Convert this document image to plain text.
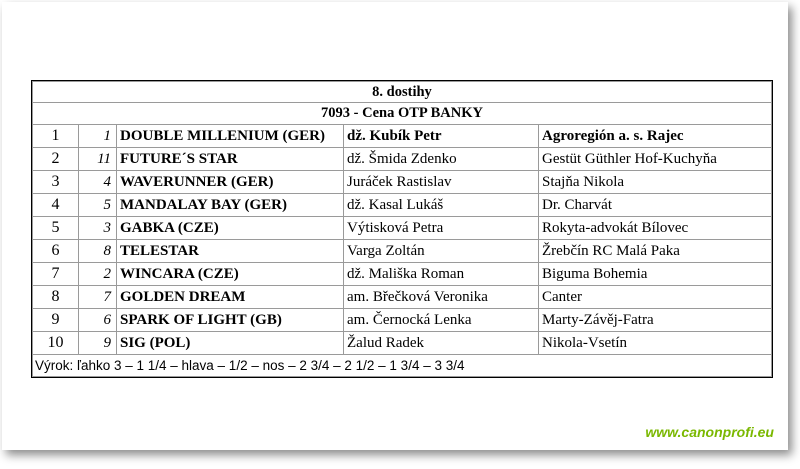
8. dostihy				
7093 - Cena OTP BANKY				
1	1	DOUBLE MILLENIUM (GER)	dž. Kubík Petr	Agroregión a. s. Rajec
2	11	FUTURE´S STAR	dž. Šmida Zdenko	Gestüt Güthler Hof-Kuchyňa
3	4	WAVERUNNER (GER)	Juráček Rastislav	Stajňa Nikola
4	5	MANDALAY BAY (GER)	dž. Kasal Lukáš	Dr. Charvát
5	3	GABKA (CZE)	Výtisková Petra	Rokyta-advokát Bílovec
6	8	TELESTAR	Varga Zoltán	Žrebčín RC Malá Paka
7	2	WINCARA (CZE)	dž. Mališka Roman	Biguma Bohemia
8	7	GOLDEN DREAM	am. Břečková Veronika	Canter
9	6	SPARK OF LIGHT (GB)	am. Černocká Lenka	Marty-Závěj-Fatra
10	9	SIG (POL)	Žalud Radek	Nikola-Vsetín
Výrok: ľahko 3 – 1 1/4 – hlava – 1/2 – nos – 2 3/4 – 2 1/2 – 1 3/4 – 3 3/4				
www.canonprofi.eu
